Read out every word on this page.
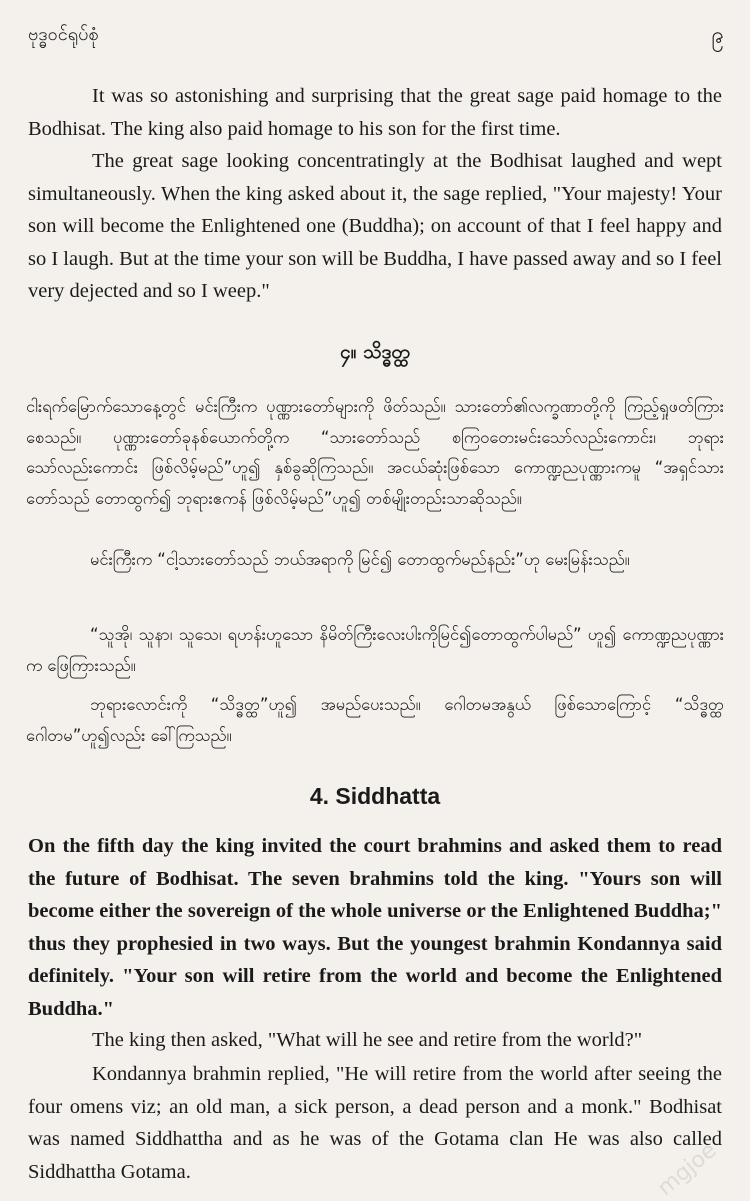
ဗုဒ္ဓဝင်ရုပ်စုံ	၉

It was so astonishing and surprising that the great sage paid homage to the Bodhisat. The king also paid homage to his son for the first time.

The great sage looking concentratingly at the Bodhisat laughed and wept simultaneously. When the king asked about it, the sage replied, "Your majesty! Your son will become the Enlightened one (Buddha); on account of that I feel happy and so I laugh. But at the time your son will be Buddha, I have passed away and so I feel very dejected and so I weep."

၄။ သိဒ္ဓတ္ထ

ငါးရက်မြောက်သောနေ့တွင် မင်းကြီးက ပုဏ္ဏားတော်များကို ဖိတ်သည်။ သားတော်၏လက္ခဏာတို့ကို ကြည့်ရှုဖတ်ကြားစေသည်။ ပုဏ္ဏားတော်ခုနစ်ယောက်တို့က “သားတော်သည် စကြဝတေးမင်းသော်လည်းကောင်း၊ ဘုရားသော်လည်းကောင်း ဖြစ်လိမ့်မည်”ဟူ၍ နှစ်ခွဆိုကြသည်။ အငယ်ဆုံးဖြစ်သော ကောဏ္ဍညပုဏ္ဏားကမူ “အရှင်သားတော်သည် တောထွက်၍ ဘုရားဧကန် ဖြစ်လိမ့်မည်”ဟူ၍ တစ်မျိုးတည်းသာဆိုသည်။

မင်းကြီးက “ငါ့သားတော်သည် ဘယ်အရာကို မြင်၍ တောထွက်မည်နည်း”ဟု မေးမြန်းသည်။

“သူအို၊ သူနာ၊ သူသေ၊ ရဟန်းဟူသော နိမိတ်ကြီးလေးပါးကိုမြင်၍တောထွက်ပါမည်” ဟူ၍ ကောဏ္ဍညပုဏ္ဏားက ဖြေကြားသည်။

ဘုရားလောင်းကို “သိဒ္ဓတ္ထ”ဟူ၍ အမည်ပေးသည်။ ဂေါတမအနွယ် ဖြစ်သောကြောင့် “သိဒ္ဓတ္ထဂေါတမ”ဟူ၍လည်း ခေါ်ကြသည်။

4. Siddhatta

On the fifth day the king invited the court brahmins and asked them to read the future of Bodhisat. The seven brahmins told the king. "Yours son will become either the sovereign of the whole universe or the Enlightened Buddha;" thus they prophesied in two ways. But the youngest brahmin Kondannya said definitely. "Your son will retire from the world and become the Enlightened Buddha."

The king then asked, "What will he see and retire from the world?"

Kondannya brahmin replied, "He will retire from the world after seeing the four omens viz; an old man, a sick person, a dead person and a monk." Bodhisat was named Siddhattha and as he was of the Gotama clan He was also called Siddhattha Gotama.	mgjoe
